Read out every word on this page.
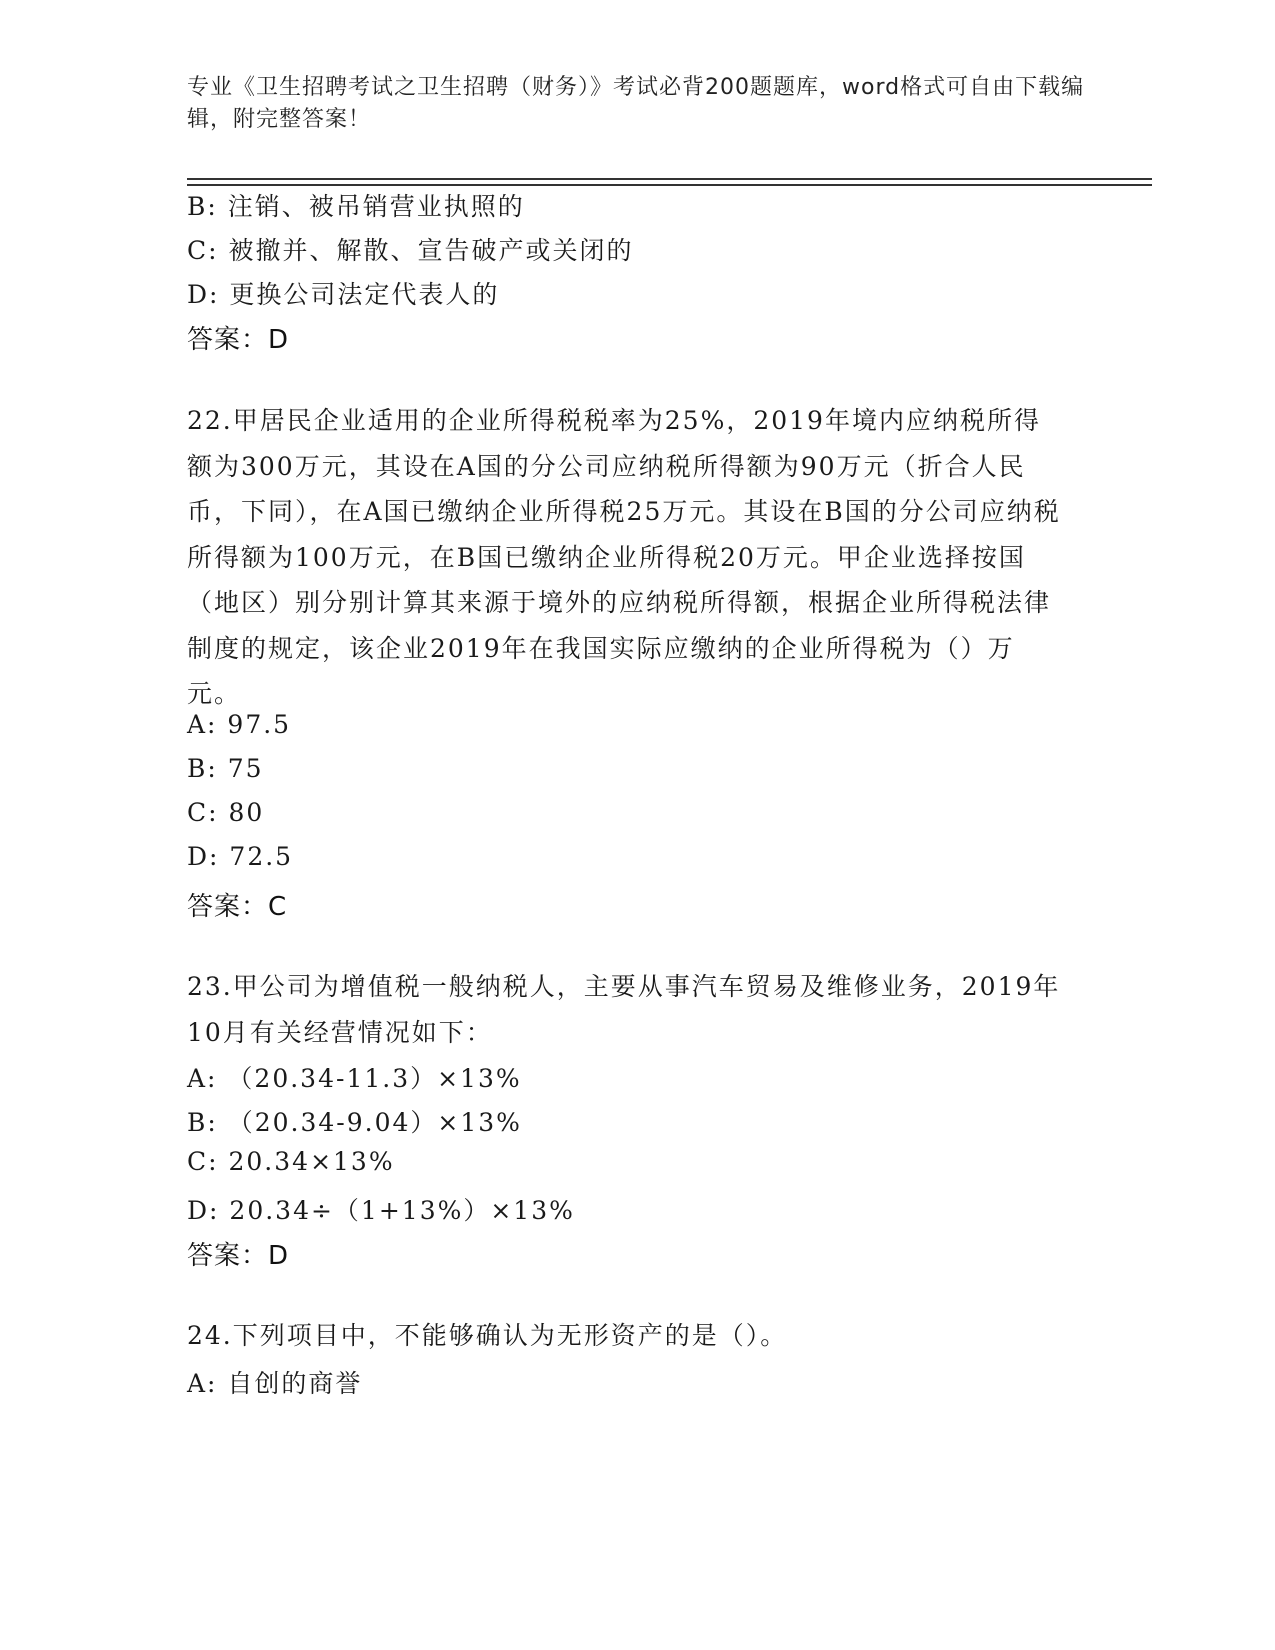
专业《卫生招聘考试之卫生招聘（财务）》考试必背200题题库，word格式可自由下载编辑，附完整答案！
B: 注销、被吊销营业执照的
C: 被撤并、解散、宣告破产或关闭的
D: 更换公司法定代表人的
答案：D
22.甲居民企业适用的企业所得税税率为25%，2019年境内应纳税所得额为300万元，其设在A国的分公司应纳税所得额为90万元（折合人民币，下同），在A国已缴纳企业所得税25万元。其设在B国的分公司应纳税所得额为100万元，在B国已缴纳企业所得税20万元。甲企业选择按国（地区）别分别计算其来源于境外的应纳税所得额，根据企业所得税法律制度的规定，该企业2019年在我国实际应缴纳的企业所得税为（）万元。
A: 97.5
B: 75
C: 80
D: 72.5
答案：C
23.甲公司为增值税一般纳税人，主要从事汽车贸易及维修业务，2019年10月有关经营情况如下：
A: （20.34-11.3）×13%
B: （20.34-9.04）×13%
C: 20.34×13%
D: 20.34÷（1+13%）×13%
答案：D
24.下列项目中，不能够确认为无形资产的是（）。
A: 自创的商誉
